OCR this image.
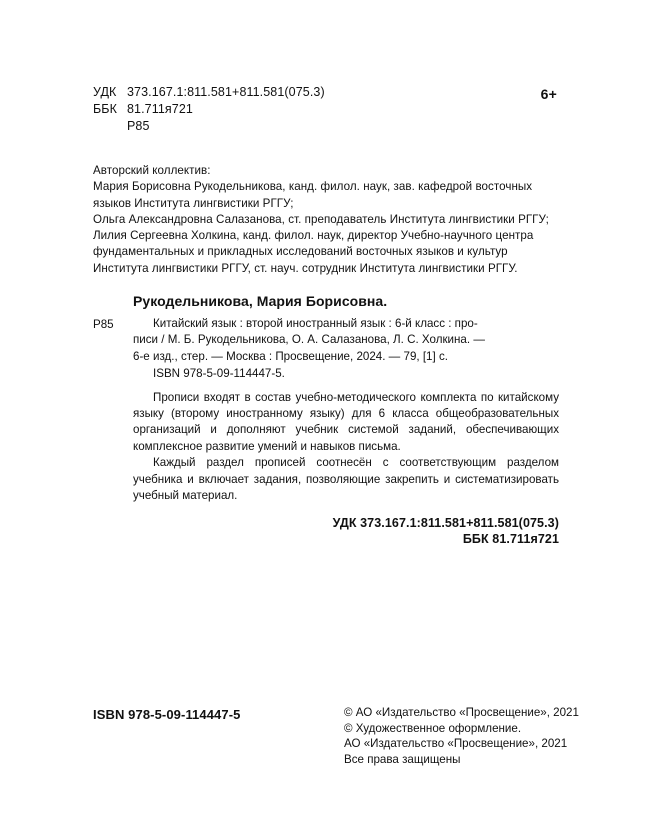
УДК 373.167.1:811.581+811.581(075.3)
ББК 81.711я721
Р85
6+
Авторский коллектив:
Мария Борисовна Рукодельникова, канд. филол. наук, зав. кафедрой восточных
языков Института лингвистики РГГУ;
Ольга Александровна Салазанова, ст. преподаватель Института лингвистики РГГУ;
Лилия Сергеевна Холкина, канд. филол. наук, директор Учебно-научного центра
фундаментальных и прикладных исследований восточных языков и культур
Института лингвистики РГГУ, ст. науч. сотрудник Института лингвистики РГГУ.
Рукодельникова, Мария Борисовна.
Р85	Китайский язык : второй иностранный язык : 6-й класс : про-

писи / М. Б. Рукодельникова, О. А. Салазанова, Л. С. Холкина. —

6-е изд., стер. — Москва : Просвещение, 2024. — 79, [1] с.

ISBN 978-5-09-114447-5.

Прописи входят в состав учебно-методического комплекта по китайскому языку (второму иностранному языку) для 6 класса общеобразовательных организаций и дополняют учебник системой заданий, обеспечивающих комплексное развитие умений и навыков письма.

Каждый раздел прописей соотнесён с соответствующим разделом учебника и включает задания, позволяющие закрепить и систематизировать учебный материал.

УДК 373.167.1:811.581+811.581(075.3)
ББК 81.711я721
ISBN 978-5-09-114447-5	© АО «Издательство «Просвещение», 2021
© Художественное оформление.
АО «Издательство «Просвещение», 2021
Все права защищены
